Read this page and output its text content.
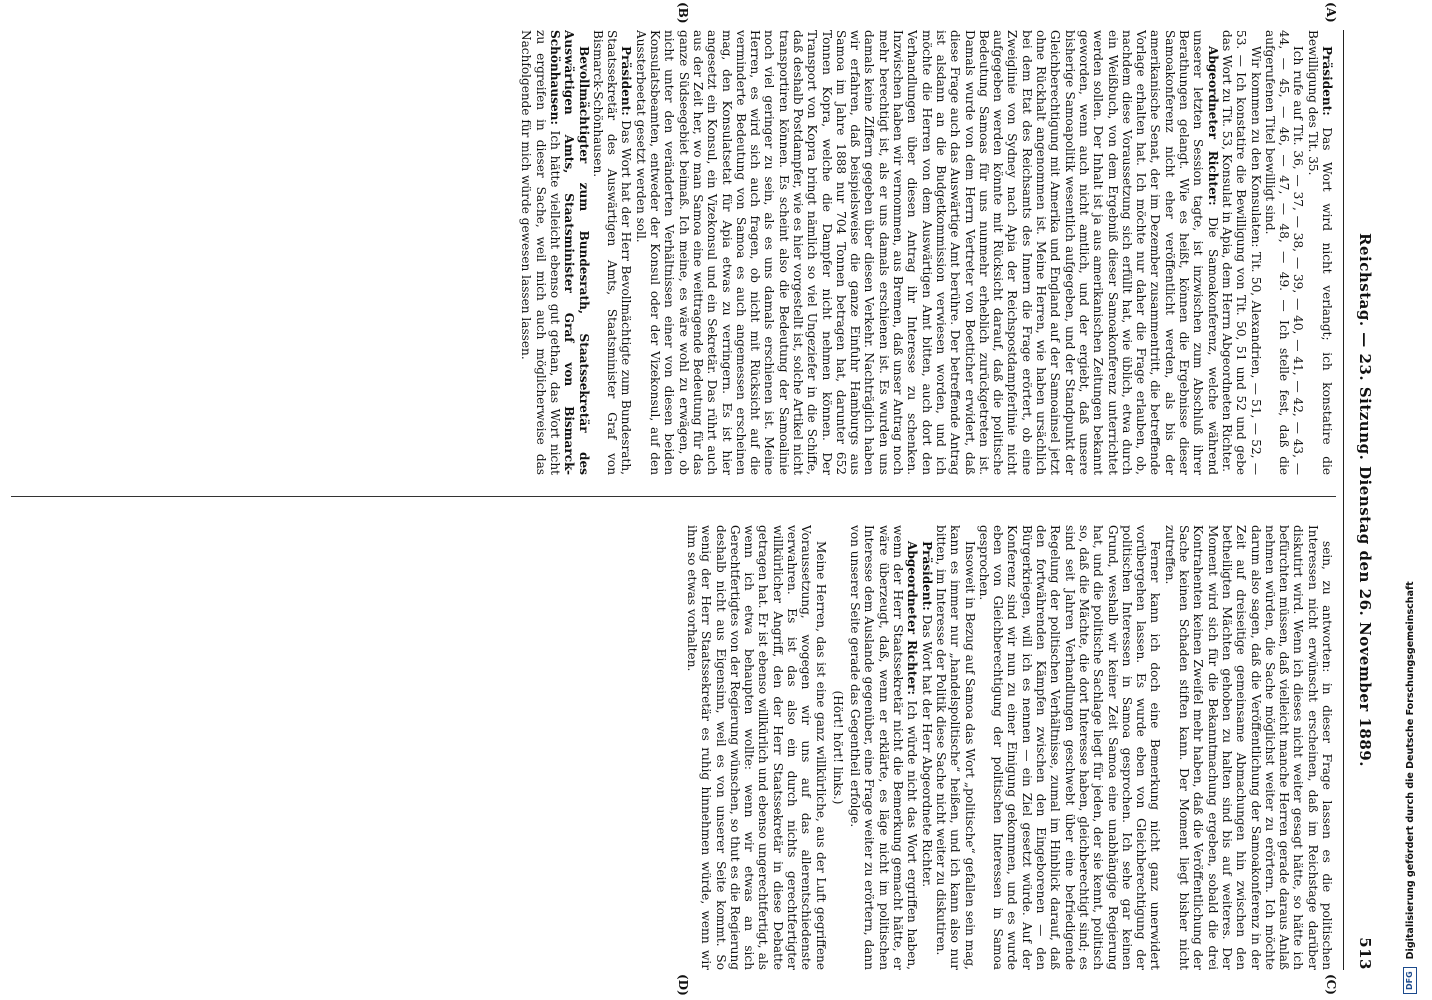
Reichstag. — 23. Sitzung. Dienstag den 26. November 1889.
513
(A)
(B)
(C)
(D)

Präsident: Das Wort wird nicht verlangt; ich konstatire die Bewilligung des Tit. 35.

Ich rufe auf Tit. 36, — 37, — 38, — 39, — 40, — 41, — 42, — 43, — 44, — 45, — 46, — 47, — 48, — 49. — Ich stelle fest, daß die aufgerufenen Titel bewilligt sind.

Wir kommen zu den Konsulaten: Tit. 50, Alexandrien, — 51, — 52, — 53. — Ich konstatire die Bewilligung von Tit. 50, 51 und 52 und gebe das Wort zu Tit. 53, Konsulat in Apia, dem Herrn Abgeordneten Richter.

Abgeordneter Richter: Die Samoakonferenz, welche während unserer letzten Session tagte, ist inzwischen zum Abschluß ihrer Berathungen gelangt. Wie es heißt, können die Ergebnisse dieser Samoakonferenz nicht eher veröffentlicht werden, als bis der amerikanische Senat, der im Dezember zusammentritt, die betreffende Vorlage erhalten hat. Ich möchte nur daher die Frage erlauben, ob, nachdem diese Voraussetzung sich erfüllt hat, wie üblich, etwa durch ein Weißbuch, von dem Ergebniß dieser Samoakonferenz unterrichtet werden sollen. Der Inhalt ist ja aus amerikanischen Zeitungen bekannt geworden, wenn auch nicht amtlich, und der ergiebt, daß unsere bisherige Samoapolitik wesentlich aufgegeben, und der Standpunkt der Gleichberechtigung mit Amerika und England auf der Samoainsel jetzt ohne Rückhalt angenommen ist. Meine Herren, wie haben ursächlich bei dem Etat des Reichsamts des Innern die Frage erörtert, ob eine Zweiglinie von Sydney nach Apia der Reichspostdampferlinie nicht aufgegeben werden könnte mit Rücksicht darauf, daß die politische Bedeutung Samoas für uns nunmehr erheblich zurückgetreten ist. Damals wurde von dem Herrn Vertreter von Boetticher erwidert, daß diese Frage auch das Auswärtige Amt berühre. Der betreffende Antrag ist alsdann an die Budgetkommission verwiesen worden, und ich möchte die Herren von dem Auswärtigen Amt bitten, auch dort den Verhandlungen über diesen Antrag ihr Interesse zu schenken. Inzwischen haben wir vernommen, aus Bremen, daß unser Antrag noch mehr berechtigt ist, als er uns damals erschienen ist. Es wurden uns damals keine Ziffern gegeben über diesen Verkehr. Nachträglich haben wir erfahren, daß beispielsweise die ganze Einfuhr Hamburgs aus Samoa im Jahre 1888 nur 704 Tonnen betragen hat, darunter 652 Tonnen Kopra, welche die Dampfer nicht nehmen können. Der Transport von Kopra bringt nämlich so viel Ungeziefer in die Schiffe, daß deshalb Postdampfer, wie es hier vorgestellt ist, solche Artikel nicht transportiren können. Es scheint also die Bedeutung der Samoalinie noch viel geringer zu sein, als es uns damals erschienen ist. Meine Herren, es wird sich auch fragen, ob nicht mit Rücksicht auf die verminderte Bedeutung von Samoa es auch angemessen erscheinen mag, den Konsulatsetat für Apia etwas zu verringern. Es ist hier angesetzt ein Konsul, ein Vizekonsul und ein Sekretär. Das rührt auch aus der Zeit her, wo man Samoa eine weittragende Bedeutung für das ganze Südseegebiet beimaß. Ich meine, es wäre wohl zu erwägen, ob nicht unter den veränderten Verhältnissen einer von diesen beiden Konsulatsbeamten, entweder der Konsul oder der Vizekonsul, auf den Aussterbeetat gesetzt werden soll.

Präsident: Das Wort hat der Herr Bevollmächtigte zum Bundesrath, Staatssekretär des Auswärtigen Amts, Staatsminister Graf von Bismarck-Schönhausen.

Bevollmächtigter zum Bundesrath, Staatssekretär des Auswärtigen Amts, Staatsminister Graf von Bismarck-Schönhausen: Ich hätte vielleicht ebenso gut gethan, das Wort nicht zu ergreifen in dieser Sache, weil mich auch möglicherweise das Nachfolgende für mich würde gewesen lassen lassen.

sein, zu antworten: in dieser Frage lassen es die politischen Interessen nicht erwünscht erscheinen, daß im Reichstage darüber diskutirt wird. Wenn ich dieses nicht weiter gesagt hätte, so hätte ich befürchten müssen, daß vielleicht manche Herren gerade daraus Anlaß nehmen würden, die Sache möglichst weiter zu erörtern. Ich möchte darum also sagen, daß die Veröffentlichung der Samoakonferenz in der Zeit auf dreiseitige gemeinsame Abmachungen hin zwischen den betheiligten Mächten gehoben zu halten sind bis auf weiteres. Der Moment wird sich für die Bekanntmachung ergeben, sobald die drei Kontrahenten keinen Zweifel mehr haben, daß die Veröffentlichung der Sache keinen Schaden stiften kann. Der Moment liegt bisher nicht zutreffen.

Ferner kann ich doch eine Bemerkung nicht ganz unerwidert vorübergehen lassen. Es wurde eben von Gleichberechtigung der politischen Interessen in Samoa gesprochen. Ich sehe gar keinen Grund, weshalb wir keiner Zeit Samoa eine unabhängige Regierung hat, und die politische Sachlage liegt für jeden, der sie kennt, politisch so, daß die Mächte, die dort Interesse haben, gleichberechtigt sind; es sind seit Jahren Verhandlungen geschwebt über eine befriedigende Regelung der politischen Verhältnisse, zumal im Hinblick darauf, daß den fortwährenden Kämpfen zwischen den Eingeborenen — den Bürgerkriegen, will ich es nennen — ein Ziel gesetzt würde. Auf der Konferenz sind wir nun zu einer Einigung gekommen, und es wurde eben von Gleichberechtigung der politischen Interessen in Samoa gesprochen.

Insoweit in Bezug auf Samoa das Wort „politische“ gefallen sein mag, kann es immer nur „handelspolitische“ heißen, und ich kann also nur bitten, im Interesse der Politik diese Sache nicht weiter zu diskutiren.

Präsident: Das Wort hat der Herr Abgeordnete Richter.

Abgeordneter Richter: Ich würde nicht das Wort ergriffen haben, wenn der Herr Staatssekretär nicht die Bemerkung gemacht hätte, er wäre überzeugt, daß, wenn er erklärte, es läge nicht im politischen Interesse dem Auslande gegenüber, eine Frage weiter zu erörtern, dann von unserer Seite gerade das Gegentheil erfolge.

(Hört! hört! links.)

Meine Herren, das ist eine ganz willkürliche, aus der Luft gegriffene Voraussetzung, wogegen wir uns auf das allerentschiedenste verwahren. Es ist das also ein durch nichts gerechtfertigter willkürlicher Angriff, den der Herr Staatssekretär in diese Debatte getragen hat. Er ist ebenso willkürlich und ebenso ungerechtfertigt, als wenn ich etwa behaupten wollte: wenn wir etwas an sich Gerechtfertigtes von der Regierung wünschen, so thut es die Regierung deshalb nicht aus Eigensinn, weil es von unserer Seite kommt. So wenig der Herr Staatssekretär es ruhig hinnehmen würde, wenn wir ihm so etwas vorhalten.

DFG
Digitalisierung gefördert durch die Deutsche Forschungsgemeinschaft
